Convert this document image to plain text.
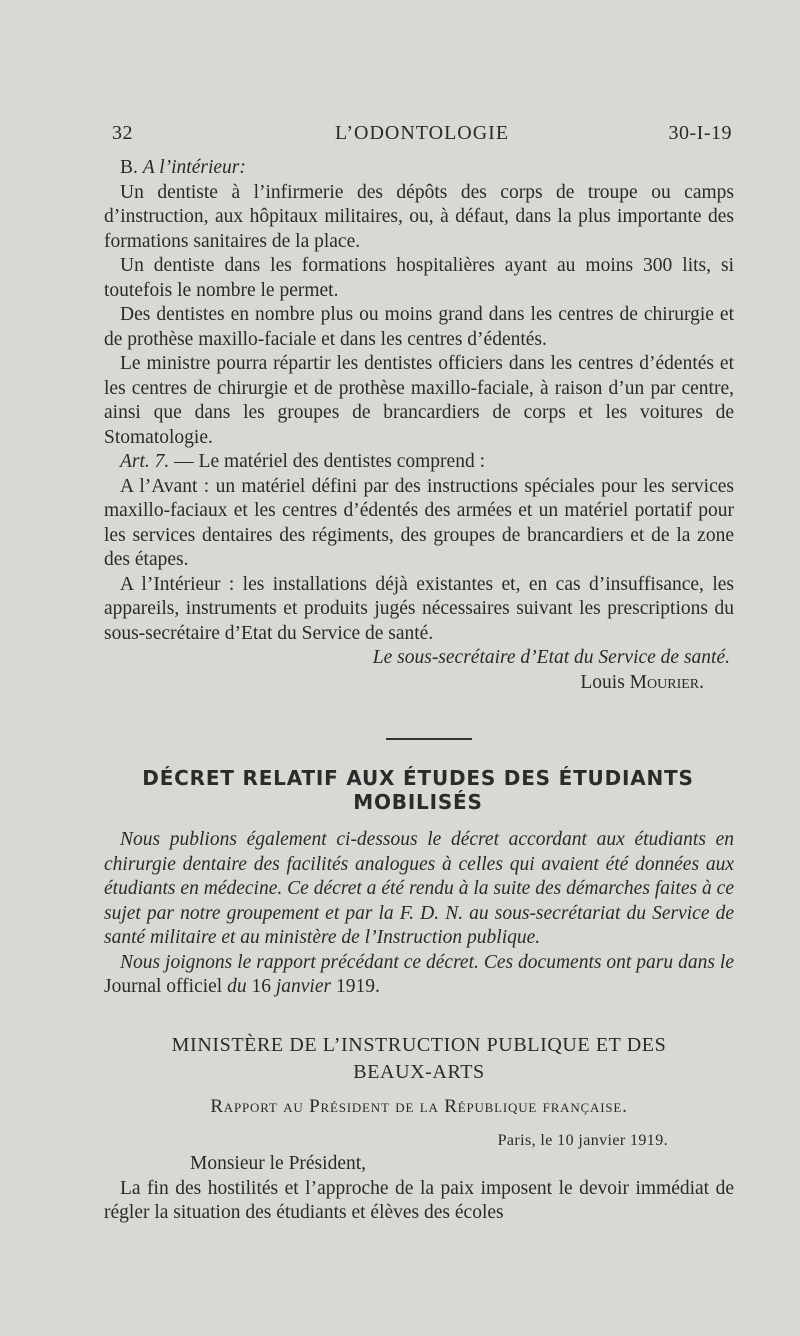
32	L’ODONTOLOGIE	30-I-19

B. A l’intérieur:

Un dentiste à l’infirmerie des dépôts des corps de troupe ou camps d’instruction, aux hôpitaux militaires, ou, à défaut, dans la plus importante des formations sanitaires de la place.

Un dentiste dans les formations hospitalières ayant au moins 300 lits, si toutefois le nombre le permet.

Des dentistes en nombre plus ou moins grand dans les centres de chirurgie et de prothèse maxillo-faciale et dans les centres d’édentés.

Le ministre pourra répartir les dentistes officiers dans les centres d’édentés et les centres de chirurgie et de prothèse maxillo-faciale, à raison d’un par centre, ainsi que dans les groupes de brancardiers de corps et les voitures de Stomatologie.

Art. 7. — Le matériel des dentistes comprend :

A l’Avant : un matériel défini par des instructions spéciales pour les services maxillo-faciaux et les centres d’édentés des armées et un matériel portatif pour les services dentaires des régiments, des groupes de brancardiers et de la zone des étapes.

A l’Intérieur : les installations déjà existantes et, en cas d’insuffisance, les appareils, instruments et produits jugés nécessaires suivant les prescriptions du sous-secrétaire d’Etat du Service de santé.

Le sous-secrétaire d’Etat du Service de santé.

Louis Mourier.

DÉCRET RELATIF AUX ÉTUDES DES ÉTUDIANTS
MOBILISÉS

Nous publions également ci-dessous le décret accordant aux étudiants en chirurgie dentaire des facilités analogues à celles qui avaient été données aux étudiants en médecine. Ce décret a été rendu à la suite des démarches faites à ce sujet par notre groupement et par la F. D. N. au sous-secrétariat du Service de santé militaire et au ministère de l’Instruction publique.

Nous joignons le rapport précédant ce décret. Ces documents ont paru dans le Journal officiel du 16 janvier 1919.

MINISTÈRE DE L’INSTRUCTION PUBLIQUE ET DES
BEAUX-ARTS
Rapport au Président de la République française.
Paris, le 10 janvier 1919.

Monsieur le Président,

La fin des hostilités et l’approche de la paix imposent le devoir immédiat de régler la situation des étudiants et élèves des écoles
